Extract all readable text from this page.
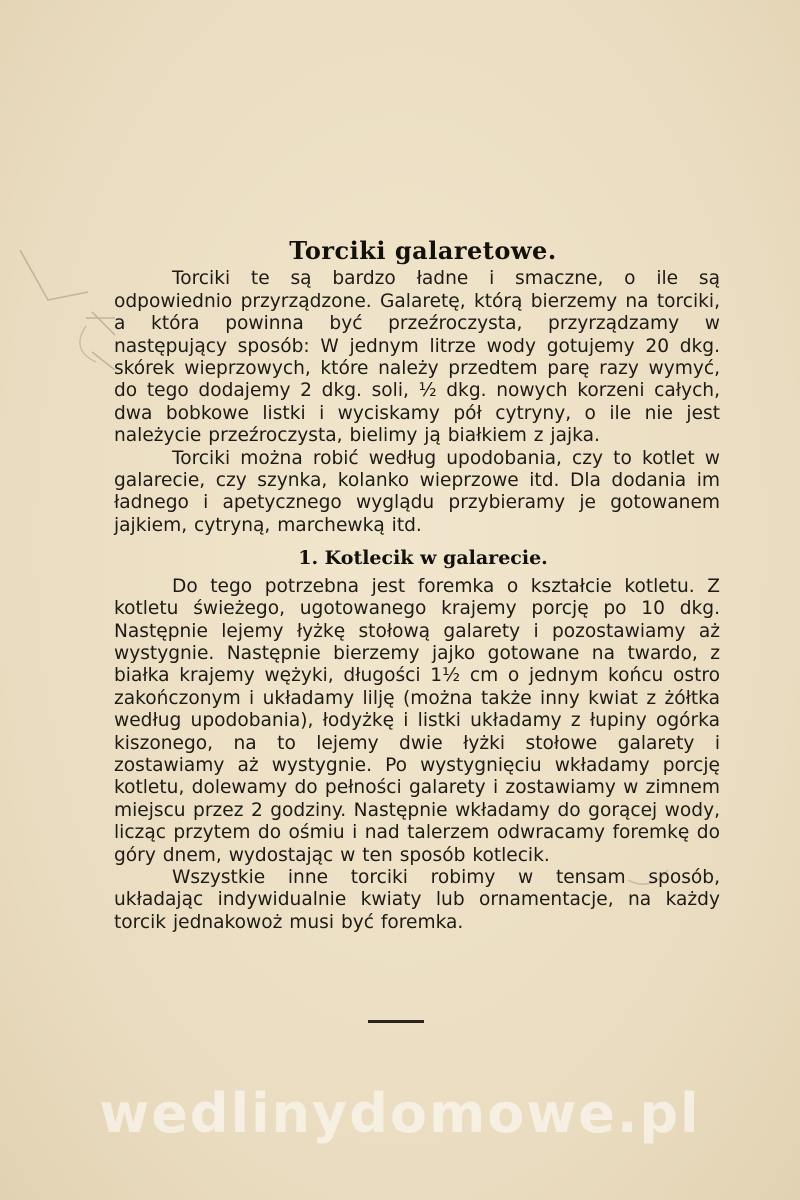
Torciki galaretowe.

Torciki te są bardzo ładne i smaczne, o ile są odpowiednio przyrządzone. Galaretę, którą bierzemy na torciki, a która powinna być przeźroczysta, przyrządzamy w następujący sposób: W jednym litrze wody gotujemy 20 dkg. skórek wieprzowych, które należy przedtem parę razy wymyć, do tego dodajemy 2 dkg. soli, ½ dkg. nowych korzeni całych, dwa bobkowe listki i wyciskamy pół cytryny, o ile nie jest należycie przeźroczysta, bielimy ją białkiem z jajka.

Torciki można robić według upodobania, czy to kotlet w galarecie, czy szynka, kolanko wieprzowe itd. Dla dodania im ładnego i apetycznego wyglądu przybieramy je gotowanem jajkiem, cytryną, marchewką itd.

1. Kotlecik w galarecie.

Do tego potrzebna jest foremka o kształcie kotletu. Z kotletu świeżego, ugotowanego krajemy porcję po 10 dkg. Następnie lejemy łyżkę stołową galarety i pozostawiamy aż wystygnie. Następnie bierzemy jajko gotowane na twardo, z białka krajemy wężyki, długości 1½ cm o jednym końcu ostro zakończonym i układamy lilję (można także inny kwiat z żółtka według upodobania), łodyżkę i listki układamy z łupiny ogórka kiszonego, na to lejemy dwie łyżki stołowe galarety i zostawiamy aż wystygnie. Po wystygnięciu wkładamy porcję kotletu, dolewamy do pełności galarety i zostawiamy w zimnem miejscu przez 2 godziny. Następnie wkładamy do gorącej wody, licząc przytem do ośmiu i nad talerzem odwracamy foremkę do góry dnem, wydostając w ten sposób kotlecik.

Wszystkie inne torciki robimy w tensam sposób, układając indywidualnie kwiaty lub ornamentacje, na każdy torcik jednakowoż musi być foremka.

wedlinydomowe.pl
